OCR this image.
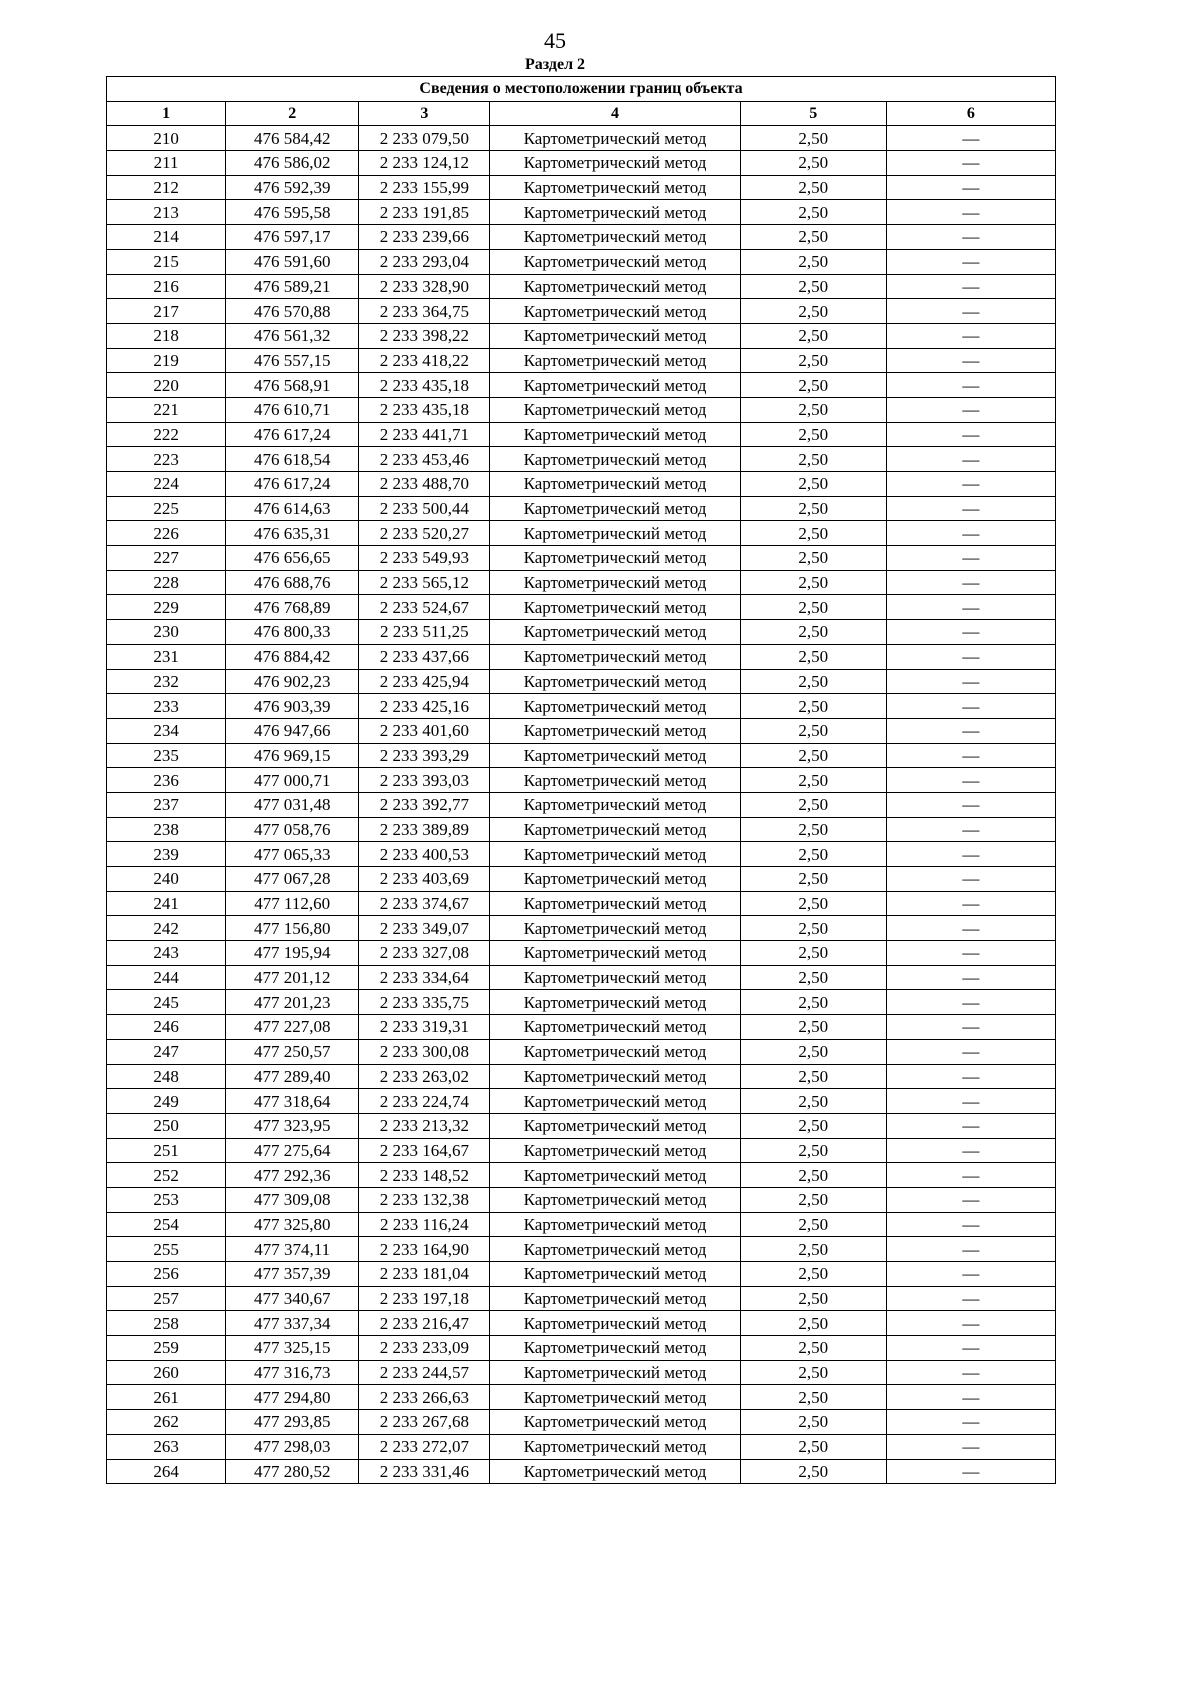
45
Раздел 2
Сведения о местоположении границ объекта					
1	2	3	4	5	6
210	476 584,42	2 233 079,50	Картометрический метод	2,50	—
211	476 586,02	2 233 124,12	Картометрический метод	2,50	—
212	476 592,39	2 233 155,99	Картометрический метод	2,50	—
213	476 595,58	2 233 191,85	Картометрический метод	2,50	—
214	476 597,17	2 233 239,66	Картометрический метод	2,50	—
215	476 591,60	2 233 293,04	Картометрический метод	2,50	—
216	476 589,21	2 233 328,90	Картометрический метод	2,50	—
217	476 570,88	2 233 364,75	Картометрический метод	2,50	—
218	476 561,32	2 233 398,22	Картометрический метод	2,50	—
219	476 557,15	2 233 418,22	Картометрический метод	2,50	—
220	476 568,91	2 233 435,18	Картометрический метод	2,50	—
221	476 610,71	2 233 435,18	Картометрический метод	2,50	—
222	476 617,24	2 233 441,71	Картометрический метод	2,50	—
223	476 618,54	2 233 453,46	Картометрический метод	2,50	—
224	476 617,24	2 233 488,70	Картометрический метод	2,50	—
225	476 614,63	2 233 500,44	Картометрический метод	2,50	—
226	476 635,31	2 233 520,27	Картометрический метод	2,50	—
227	476 656,65	2 233 549,93	Картометрический метод	2,50	—
228	476 688,76	2 233 565,12	Картометрический метод	2,50	—
229	476 768,89	2 233 524,67	Картометрический метод	2,50	—
230	476 800,33	2 233 511,25	Картометрический метод	2,50	—
231	476 884,42	2 233 437,66	Картометрический метод	2,50	—
232	476 902,23	2 233 425,94	Картометрический метод	2,50	—
233	476 903,39	2 233 425,16	Картометрический метод	2,50	—
234	476 947,66	2 233 401,60	Картометрический метод	2,50	—
235	476 969,15	2 233 393,29	Картометрический метод	2,50	—
236	477 000,71	2 233 393,03	Картометрический метод	2,50	—
237	477 031,48	2 233 392,77	Картометрический метод	2,50	—
238	477 058,76	2 233 389,89	Картометрический метод	2,50	—
239	477 065,33	2 233 400,53	Картометрический метод	2,50	—
240	477 067,28	2 233 403,69	Картометрический метод	2,50	—
241	477 112,60	2 233 374,67	Картометрический метод	2,50	—
242	477 156,80	2 233 349,07	Картометрический метод	2,50	—
243	477 195,94	2 233 327,08	Картометрический метод	2,50	—
244	477 201,12	2 233 334,64	Картометрический метод	2,50	—
245	477 201,23	2 233 335,75	Картометрический метод	2,50	—
246	477 227,08	2 233 319,31	Картометрический метод	2,50	—
247	477 250,57	2 233 300,08	Картометрический метод	2,50	—
248	477 289,40	2 233 263,02	Картометрический метод	2,50	—
249	477 318,64	2 233 224,74	Картометрический метод	2,50	—
250	477 323,95	2 233 213,32	Картометрический метод	2,50	—
251	477 275,64	2 233 164,67	Картометрический метод	2,50	—
252	477 292,36	2 233 148,52	Картометрический метод	2,50	—
253	477 309,08	2 233 132,38	Картометрический метод	2,50	—
254	477 325,80	2 233 116,24	Картометрический метод	2,50	—
255	477 374,11	2 233 164,90	Картометрический метод	2,50	—
256	477 357,39	2 233 181,04	Картометрический метод	2,50	—
257	477 340,67	2 233 197,18	Картометрический метод	2,50	—
258	477 337,34	2 233 216,47	Картометрический метод	2,50	—
259	477 325,15	2 233 233,09	Картометрический метод	2,50	—
260	477 316,73	2 233 244,57	Картометрический метод	2,50	—
261	477 294,80	2 233 266,63	Картометрический метод	2,50	—
262	477 293,85	2 233 267,68	Картометрический метод	2,50	—
263	477 298,03	2 233 272,07	Картометрический метод	2,50	—
264	477 280,52	2 233 331,46	Картометрический метод	2,50	—
